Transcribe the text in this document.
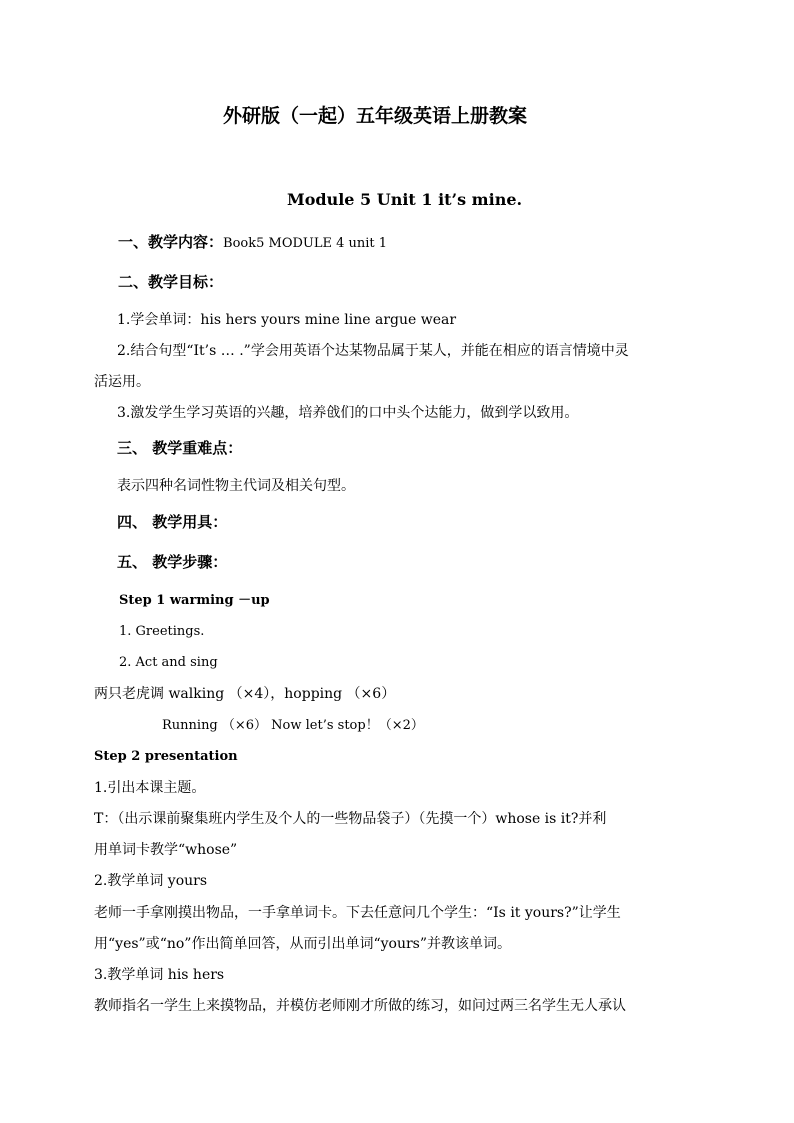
外研版（一起）五年级英语上册教案
Module 5 Unit 1 it’s mine.
一、教学内容：Book5 MODULE 4 unit 1
二、教学目标：
1.学会单词：his hers yours mine line argue wear
2.结合句型“It’s … .”学会用英语个达某物品属于某人，并能在相应的语言情境中灵
活运用。
3.激发学生学习英语的兴趣，培养戗们的口中头个达能力，做到学以致用。
三、 教学重难点：
表示四种名词性物主代词及相关句型。
四、 教学用具：
五、 教学步骤：
Step 1 warming －up
1. Greetings.
2. Act and sing
两只老虎调 walking （×4），hopping （×6）
Running （×6） Now let’s stop！（×2）
Step 2 presentation
1.引出本课主题。
T：（出示课前聚集班内学生及个人的一些物品袋子）（先摸一个）whose is it?并利
用单词卡教学“whose”
2.教学单词 yours
老师一手拿刚摸出物品，一手拿单词卡。下去任意问几个学生：“Is it yours?”让学生
用“yes”或“no”作出简单回答，从而引出单词“yours”并教该单词。
3.教学单词 his hers
教师指名一学生上来摸物品，并模仿老师刚才所做的练习，如问过两三名学生无人承认
